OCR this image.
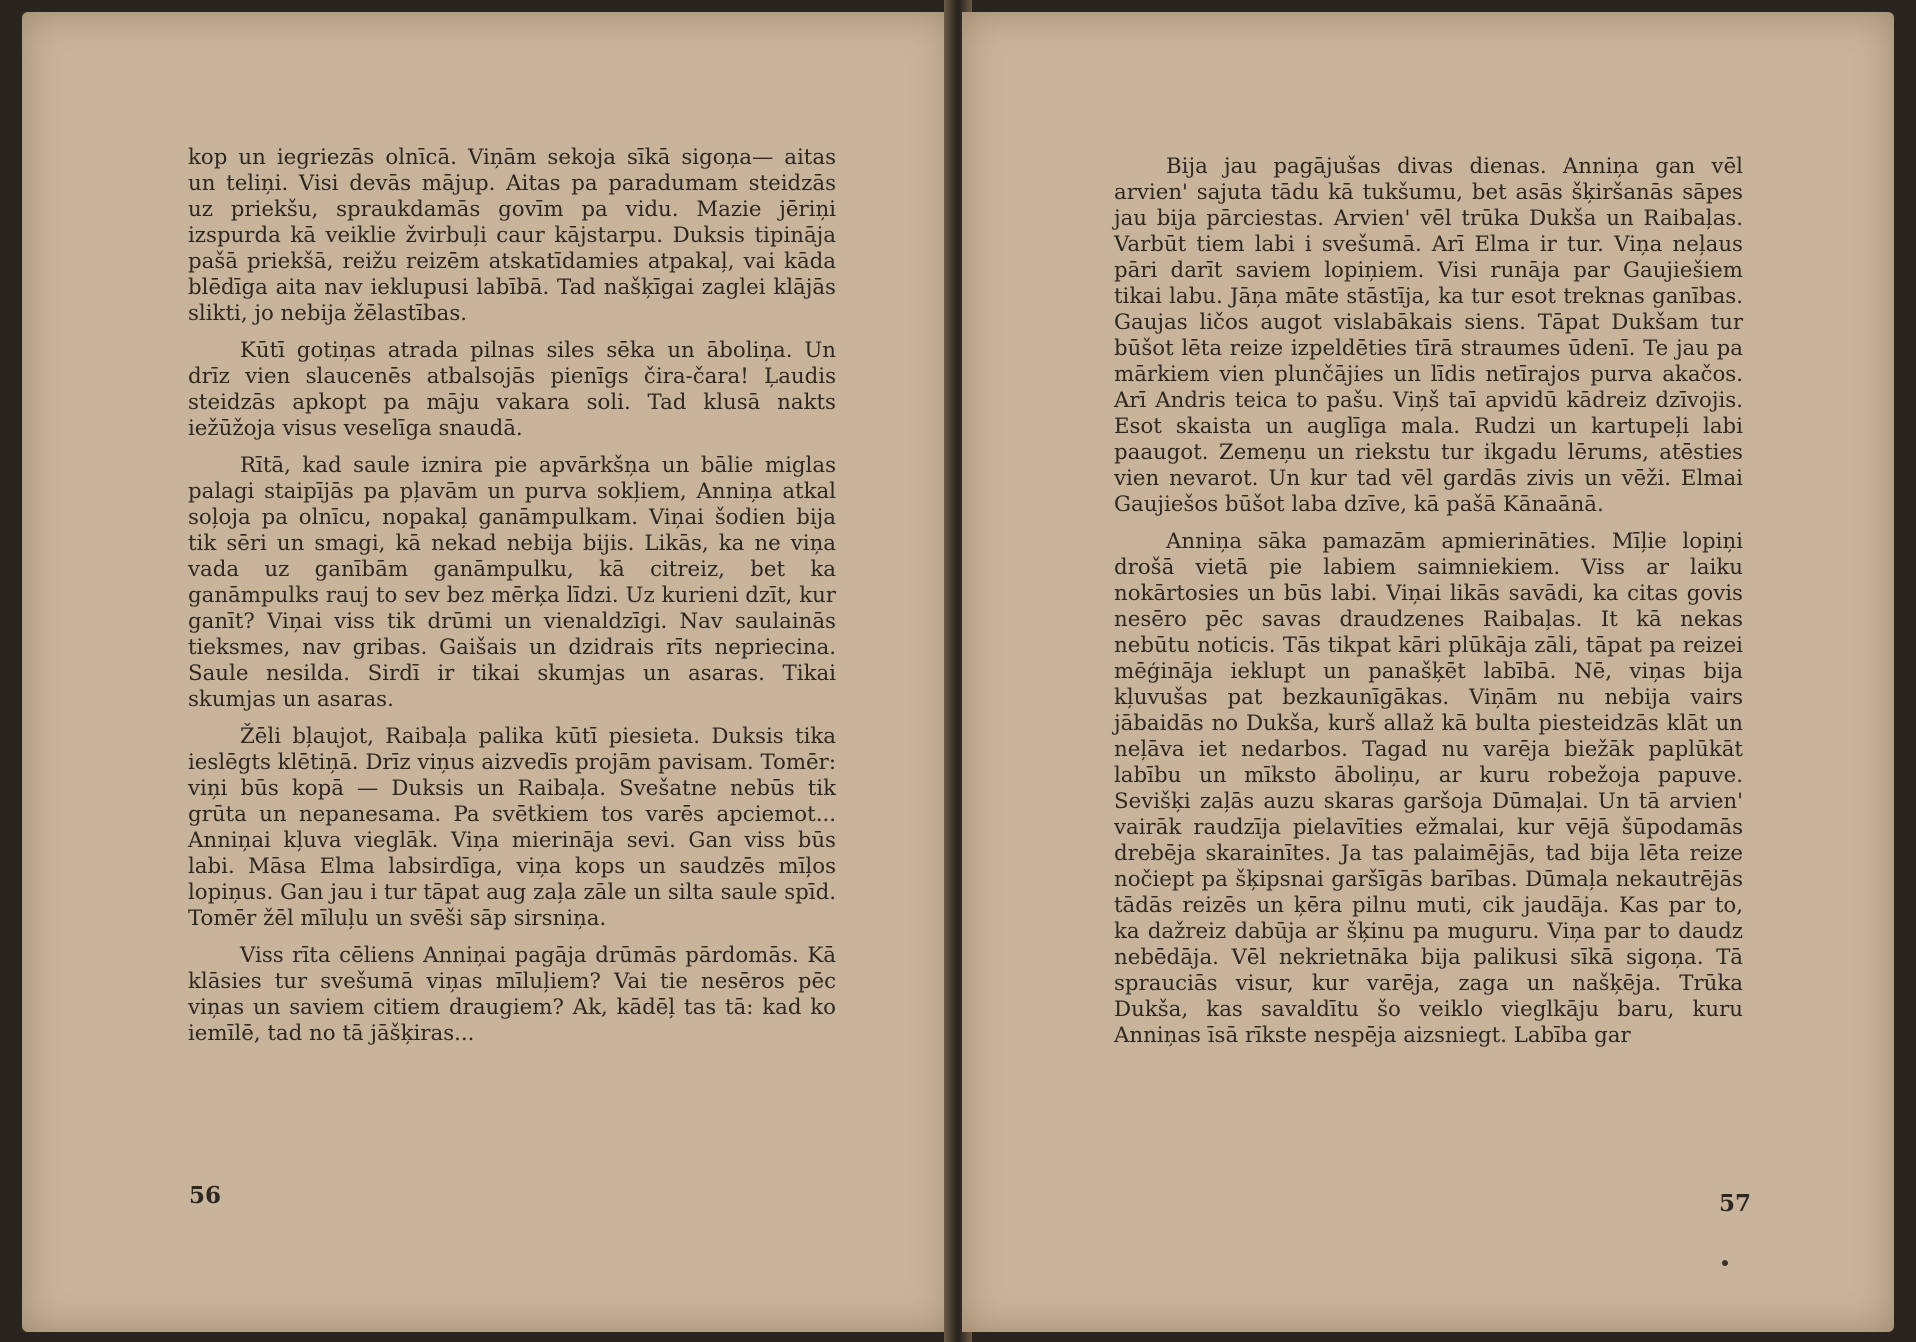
kop un iegriezās olnīcā. Viņām sekoja sīkā sigoņa— aitas un teliņi. Visi devās mājup. Aitas pa paradumam steidzās uz priekšu, spraukdamās govīm pa vidu. Mazie jēriņi izspurda kā veiklie žvirbuļi caur kājstarpu. Duksis tipināja pašā priekšā, reižu reizēm atskatīdamies atpakaļ, vai kāda blēdīga aita nav ieklupusi labībā. Tad našķīgai zaglei klājās slikti, jo nebija žēlastības.

Kūtī gotiņas atrada pilnas siles sēka un āboliņa. Un drīz vien slaucenēs atbalsojās pienīgs čira-čara! Ļaudis steidzās apkopt pa māju vakara soli. Tad klusā nakts iežūžoja visus veselīga snaudā.

Rītā, kad saule iznira pie apvārkšņa un bālie miglas palagi staipījās pa pļavām un purva sokļiem, Anniņa atkal soļoja pa olnīcu, nopakaļ ganāmpulkam. Viņai šodien bija tik sēri un smagi, kā nekad nebija bijis. Likās, ka ne viņa vada uz ganībām ganāmpulku, kā citreiz, bet ka ganāmpulks rauj to sev bez mērķa līdzi. Uz kurieni dzīt, kur ganīt? Viņai viss tik drūmi un vienaldzīgi. Nav saulainās tieksmes, nav gribas. Gaišais un dzidrais rīts nepriecina. Saule nesilda. Sirdī ir tikai skumjas un asaras. Tikai skumjas un asaras.

Žēli bļaujot, Raibaļa palika kūtī piesieta. Duksis tika ieslēgts klētiņā. Drīz viņus aizvedīs projām pavisam. Tomēr: viņi būs kopā — Duksis un Raibaļa. Svešatne nebūs tik grūta un nepanesama. Pa svētkiem tos varēs apciemot... Anniņai kļuva vieglāk. Viņa mierināja sevi. Gan viss būs labi. Māsa Elma labsirdīga, viņa kops un saudzēs mīļos lopiņus. Gan jau i tur tāpat aug zaļa zāle un silta saule spīd. Tomēr žēl mīluļu un svēši sāp sirsniņa.

Viss rīta cēliens Anniņai pagāja drūmās pārdomās. Kā klāsies tur svešumā viņas mīluļiem? Vai tie nesēros pēc viņas un saviem citiem draugiem? Ak, kādēļ tas tā: kad ko iemīlē, tad no tā jāšķiras...

56

Bija jau pagājušas divas dienas. Anniņa gan vēl arvien' sajuta tādu kā tukšumu, bet asās šķiršanās sāpes jau bija pārciestas. Arvien' vēl trūka Dukša un Raibaļas. Varbūt tiem labi i svešumā. Arī Elma ir tur. Viņa neļaus pāri darīt saviem lopiņiem. Visi runāja par Gaujiešiem tikai labu. Jāņa māte stāstīja, ka tur esot treknas ganības. Gaujas ličos augot vislabākais siens. Tāpat Dukšam tur būšot lēta reize izpeldēties tīrā straumes ūdenī. Te jau pa mārkiem vien plunčājies un līdis netīrajos purva akačos. Arī Andris teica to pašu. Viņš taī apvidū kādreiz dzīvojis. Esot skaista un auglīga mala. Rudzi un kartupeļi labi paaugot. Zemeņu un riekstu tur ikgadu lērums, atēsties vien nevarot. Un kur tad vēl gardās zivis un vēži. Elmai Gaujiešos būšot laba dzīve, kā pašā Kānaānā.

Anniņa sāka pamazām apmierināties. Mīļie lopiņi drošā vietā pie labiem saimniekiem. Viss ar laiku nokārtosies un būs labi. Viņai likās savādi, ka citas govis nesēro pēc savas draudzenes Raibaļas. It kā nekas nebūtu noticis. Tās tikpat kāri plūkāja zāli, tāpat pa reizei mēģināja ieklupt un panašķēt labībā. Nē, viņas bija kļuvušas pat bezkaunīgākas. Viņām nu nebija vairs jābaidās no Dukša, kurš allaž kā bulta piesteidzās klāt un neļāva iet nedarbos. Tagad nu varēja biežāk paplūkāt labību un mīksto āboliņu, ar kuru robežoja papuve. Sevišķi zaļās auzu skaras garšoja Dūmaļai. Un tā arvien' vairāk raudzīja pielavīties ežmalai, kur vējā šūpodamās drebēja skarainītes. Ja tas palaimējās, tad bija lēta reize nočiept pa šķipsnai garšīgās barības. Dūmaļa nekautrējās tādās reizēs un ķēra pilnu muti, cik jaudāja. Kas par to, ka dažreiz dabūja ar šķinu pa muguru. Viņa par to daudz nebēdāja. Vēl nekrietnāka bija palikusi sīkā sigoņa. Tā sprauciās visur, kur varēja, zaga un našķēja. Trūka Dukša, kas savaldītu šo veiklo vieglkāju baru, kuru Anniņas īsā rīkste nespēja aizsniegt. Labība gar

57
